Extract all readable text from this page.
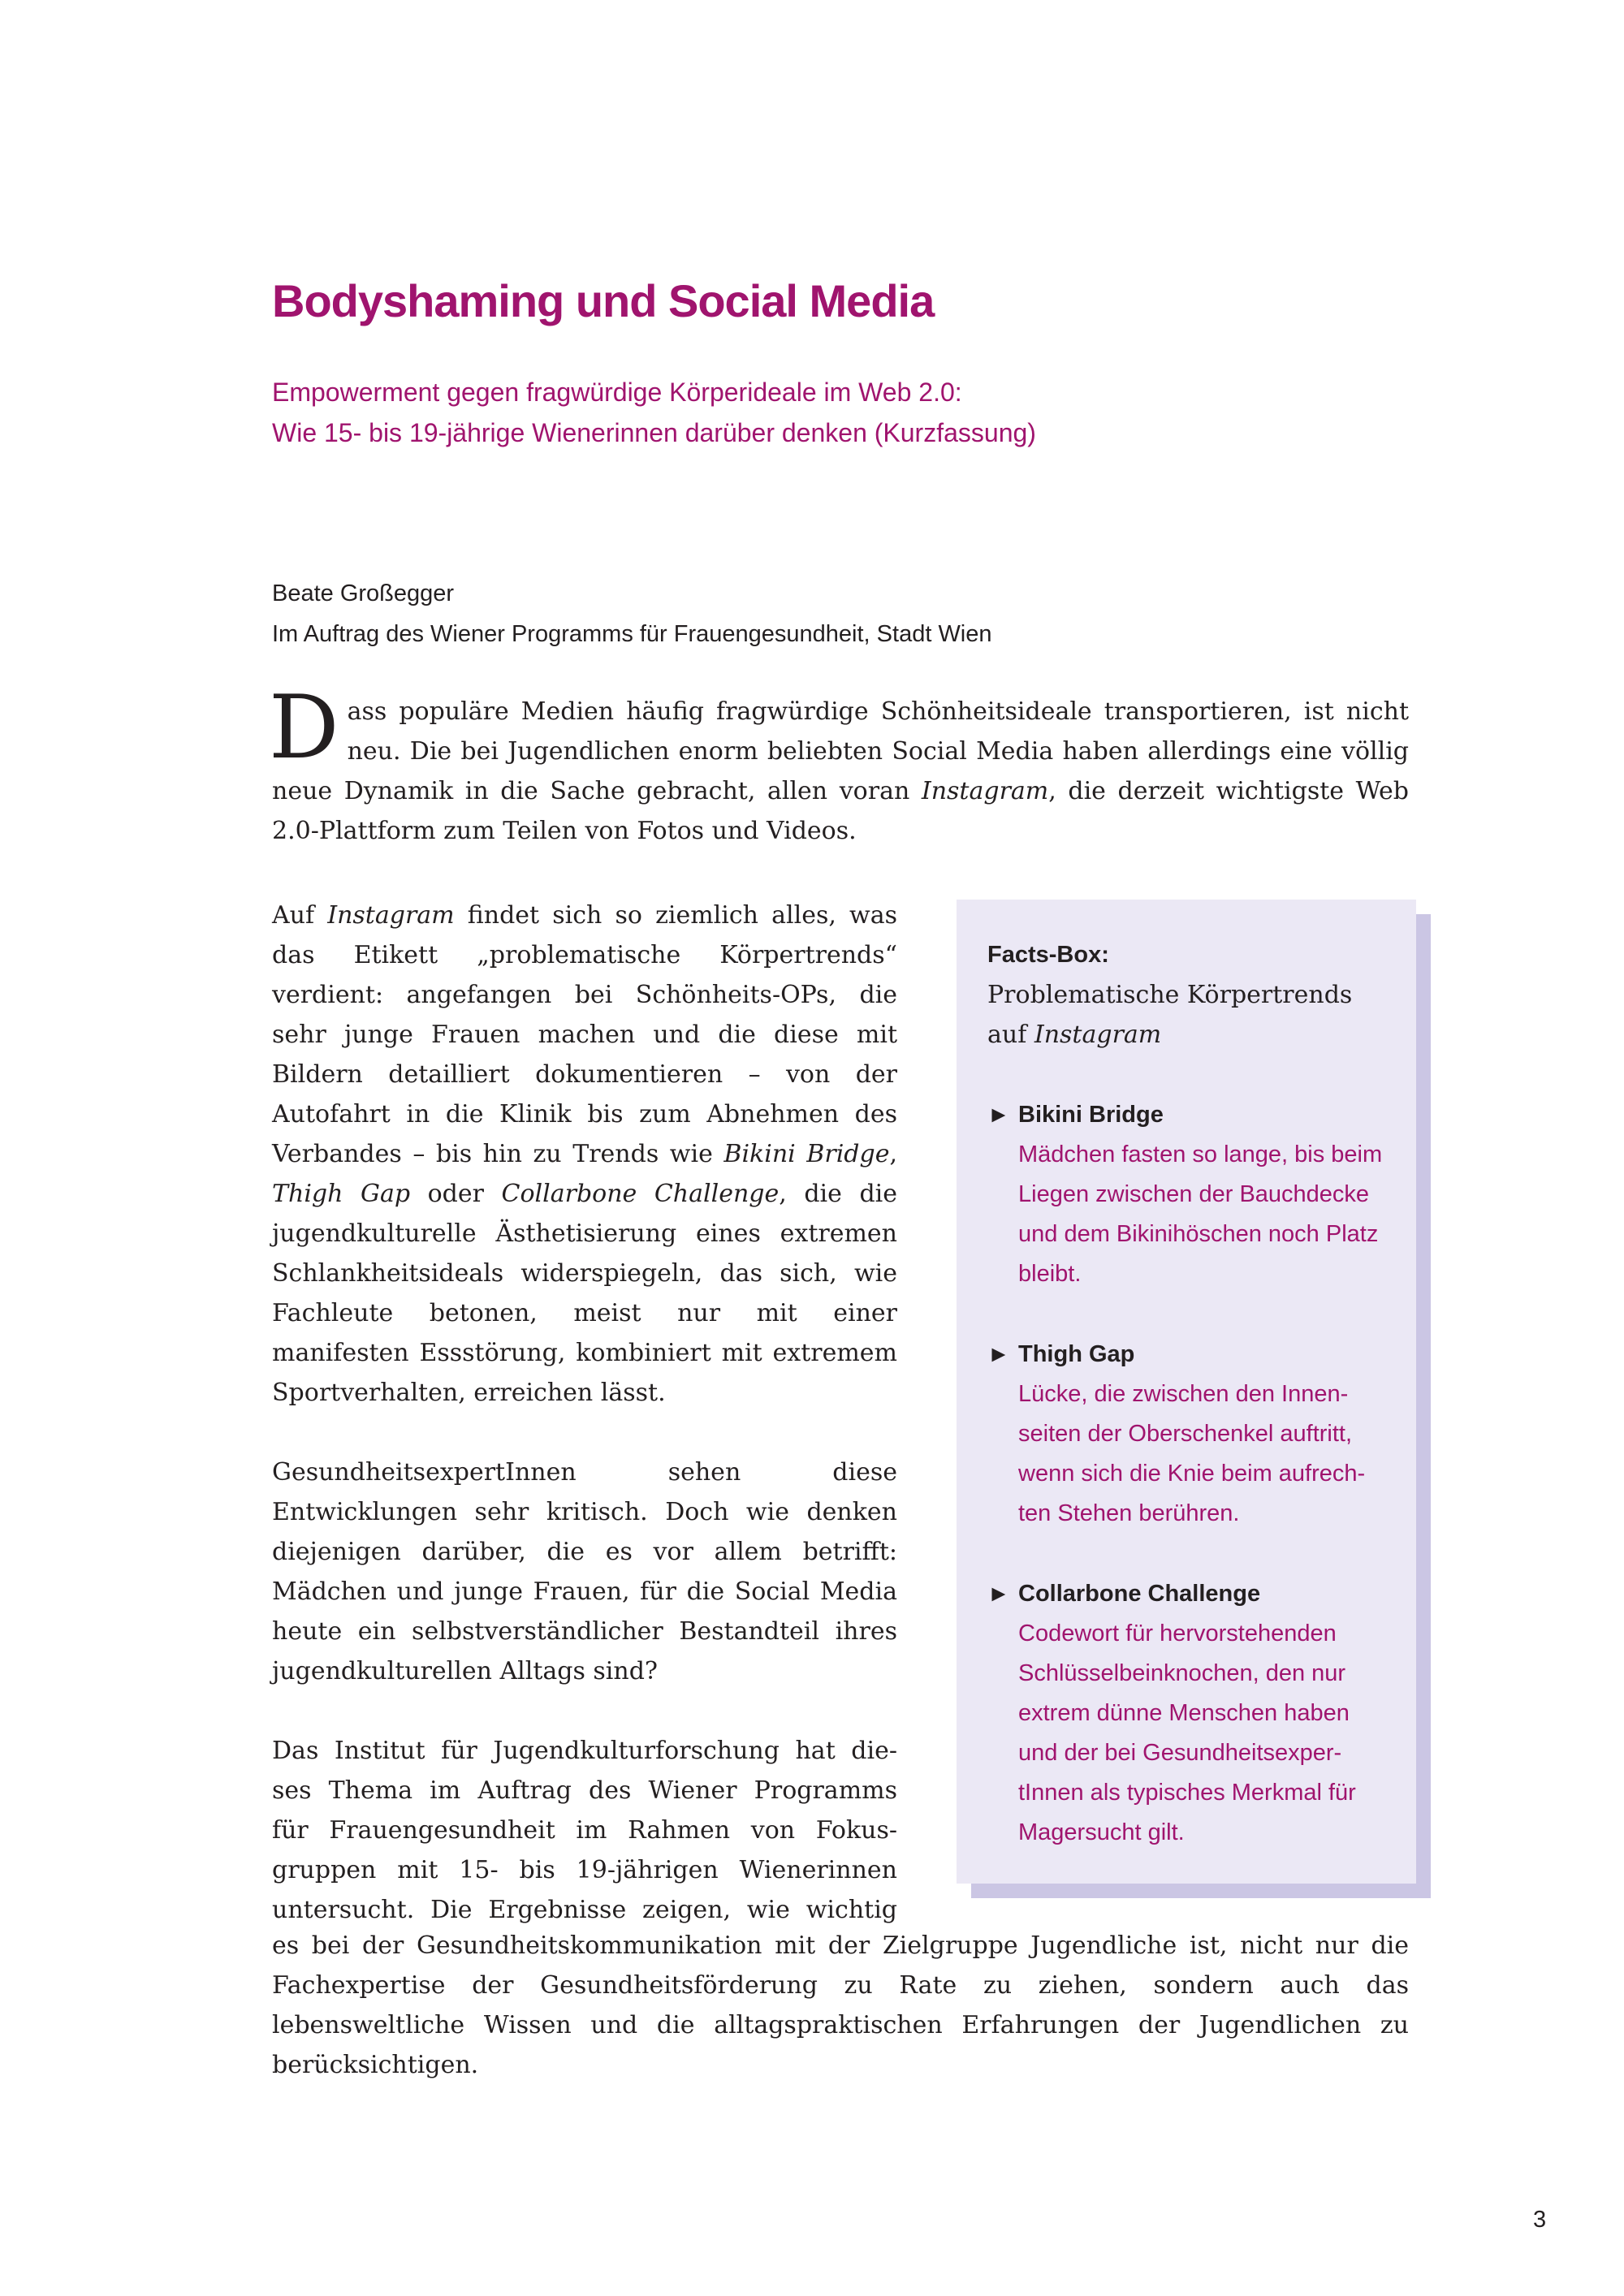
Bodyshaming und Social Media
Empowerment gegen fragwürdige Körperideale im Web 2.0:
Wie 15- bis 19-jährige Wienerinnen darüber denken (Kurzfassung)
Beate Großegger
Im Auftrag des Wiener Programms für Frauengesundheit, Stadt Wien
Dass populäre Medien häufig fragwürdige Schönheitsideale transportieren, ist nicht neu. Die bei Jugendlichen enorm beliebten Social Media haben allerdings eine völlig neue Dynamik in die Sache gebracht, allen voran Instagram, die derzeit wichtigste Web 2.0-Plattform zum Teilen von Fotos und Videos.

Auf Instagram findet sich so ziemlich alles, was das Etikett „problematische Körpertrends“ verdient: angefangen bei Schönheits-OPs, die sehr junge Frauen machen und die diese mit Bildern detailliert dokumentieren – von der Autofahrt in die Klinik bis zum Abnehmen des Verbandes – bis hin zu Trends wie Bikini Bridge, Thigh Gap oder Collarbone Challenge, die die jugendkulturelle Ästhetisierung eines extremen Schlankheitsideals widerspiegeln, das sich, wie Fachleute betonen, meist nur mit einer manifesten Essstörung, kombiniert mit extremem Sportverhalten, erreichen lässt.

GesundheitsexpertInnen sehen diese Entwicklungen sehr kritisch. Doch wie denken diejenigen darüber, die es vor allem betrifft: Mädchen und junge Frauen, für die Social Media heute ein selbstverständlicher Bestandteil ihres jugendkulturellen Alltags sind?

Das Institut für Jugendkulturforschung hat die-
ses Thema im Auftrag des Wiener Programms
für Frauengesundheit im Rahmen von Fokus-
gruppen mit 15- bis 19-jährigen Wienerinnen
untersucht. Die Ergebnisse zeigen, wie wichtig
es bei der Gesundheitskommunikation mit der Zielgruppe Jugendliche ist, nicht nur die Fachexpertise der Gesundheitsförderung zu Rate zu ziehen, sondern auch das lebensweltliche Wissen und die alltagspraktischen Erfahrungen der Jugendlichen zu berücksichtigen.
Facts-Box:
Problematische Körpertrends
auf Instagram
► Bikini Bridge
Mädchen fasten so lange, bis beim
Liegen zwischen der Bauchdecke
und dem Bikinihöschen noch Platz
bleibt.
► Thigh Gap
Lücke, die zwischen den Innen-
seiten der Oberschenkel auftritt,
wenn sich die Knie beim aufrech-
ten Stehen berühren.
► Collarbone Challenge
Codewort für hervorstehenden
Schlüsselbeinknochen, den nur
extrem dünne Menschen haben
und der bei Gesundheitsexper-
tInnen als typisches Merkmal für
Magersucht gilt.
3
